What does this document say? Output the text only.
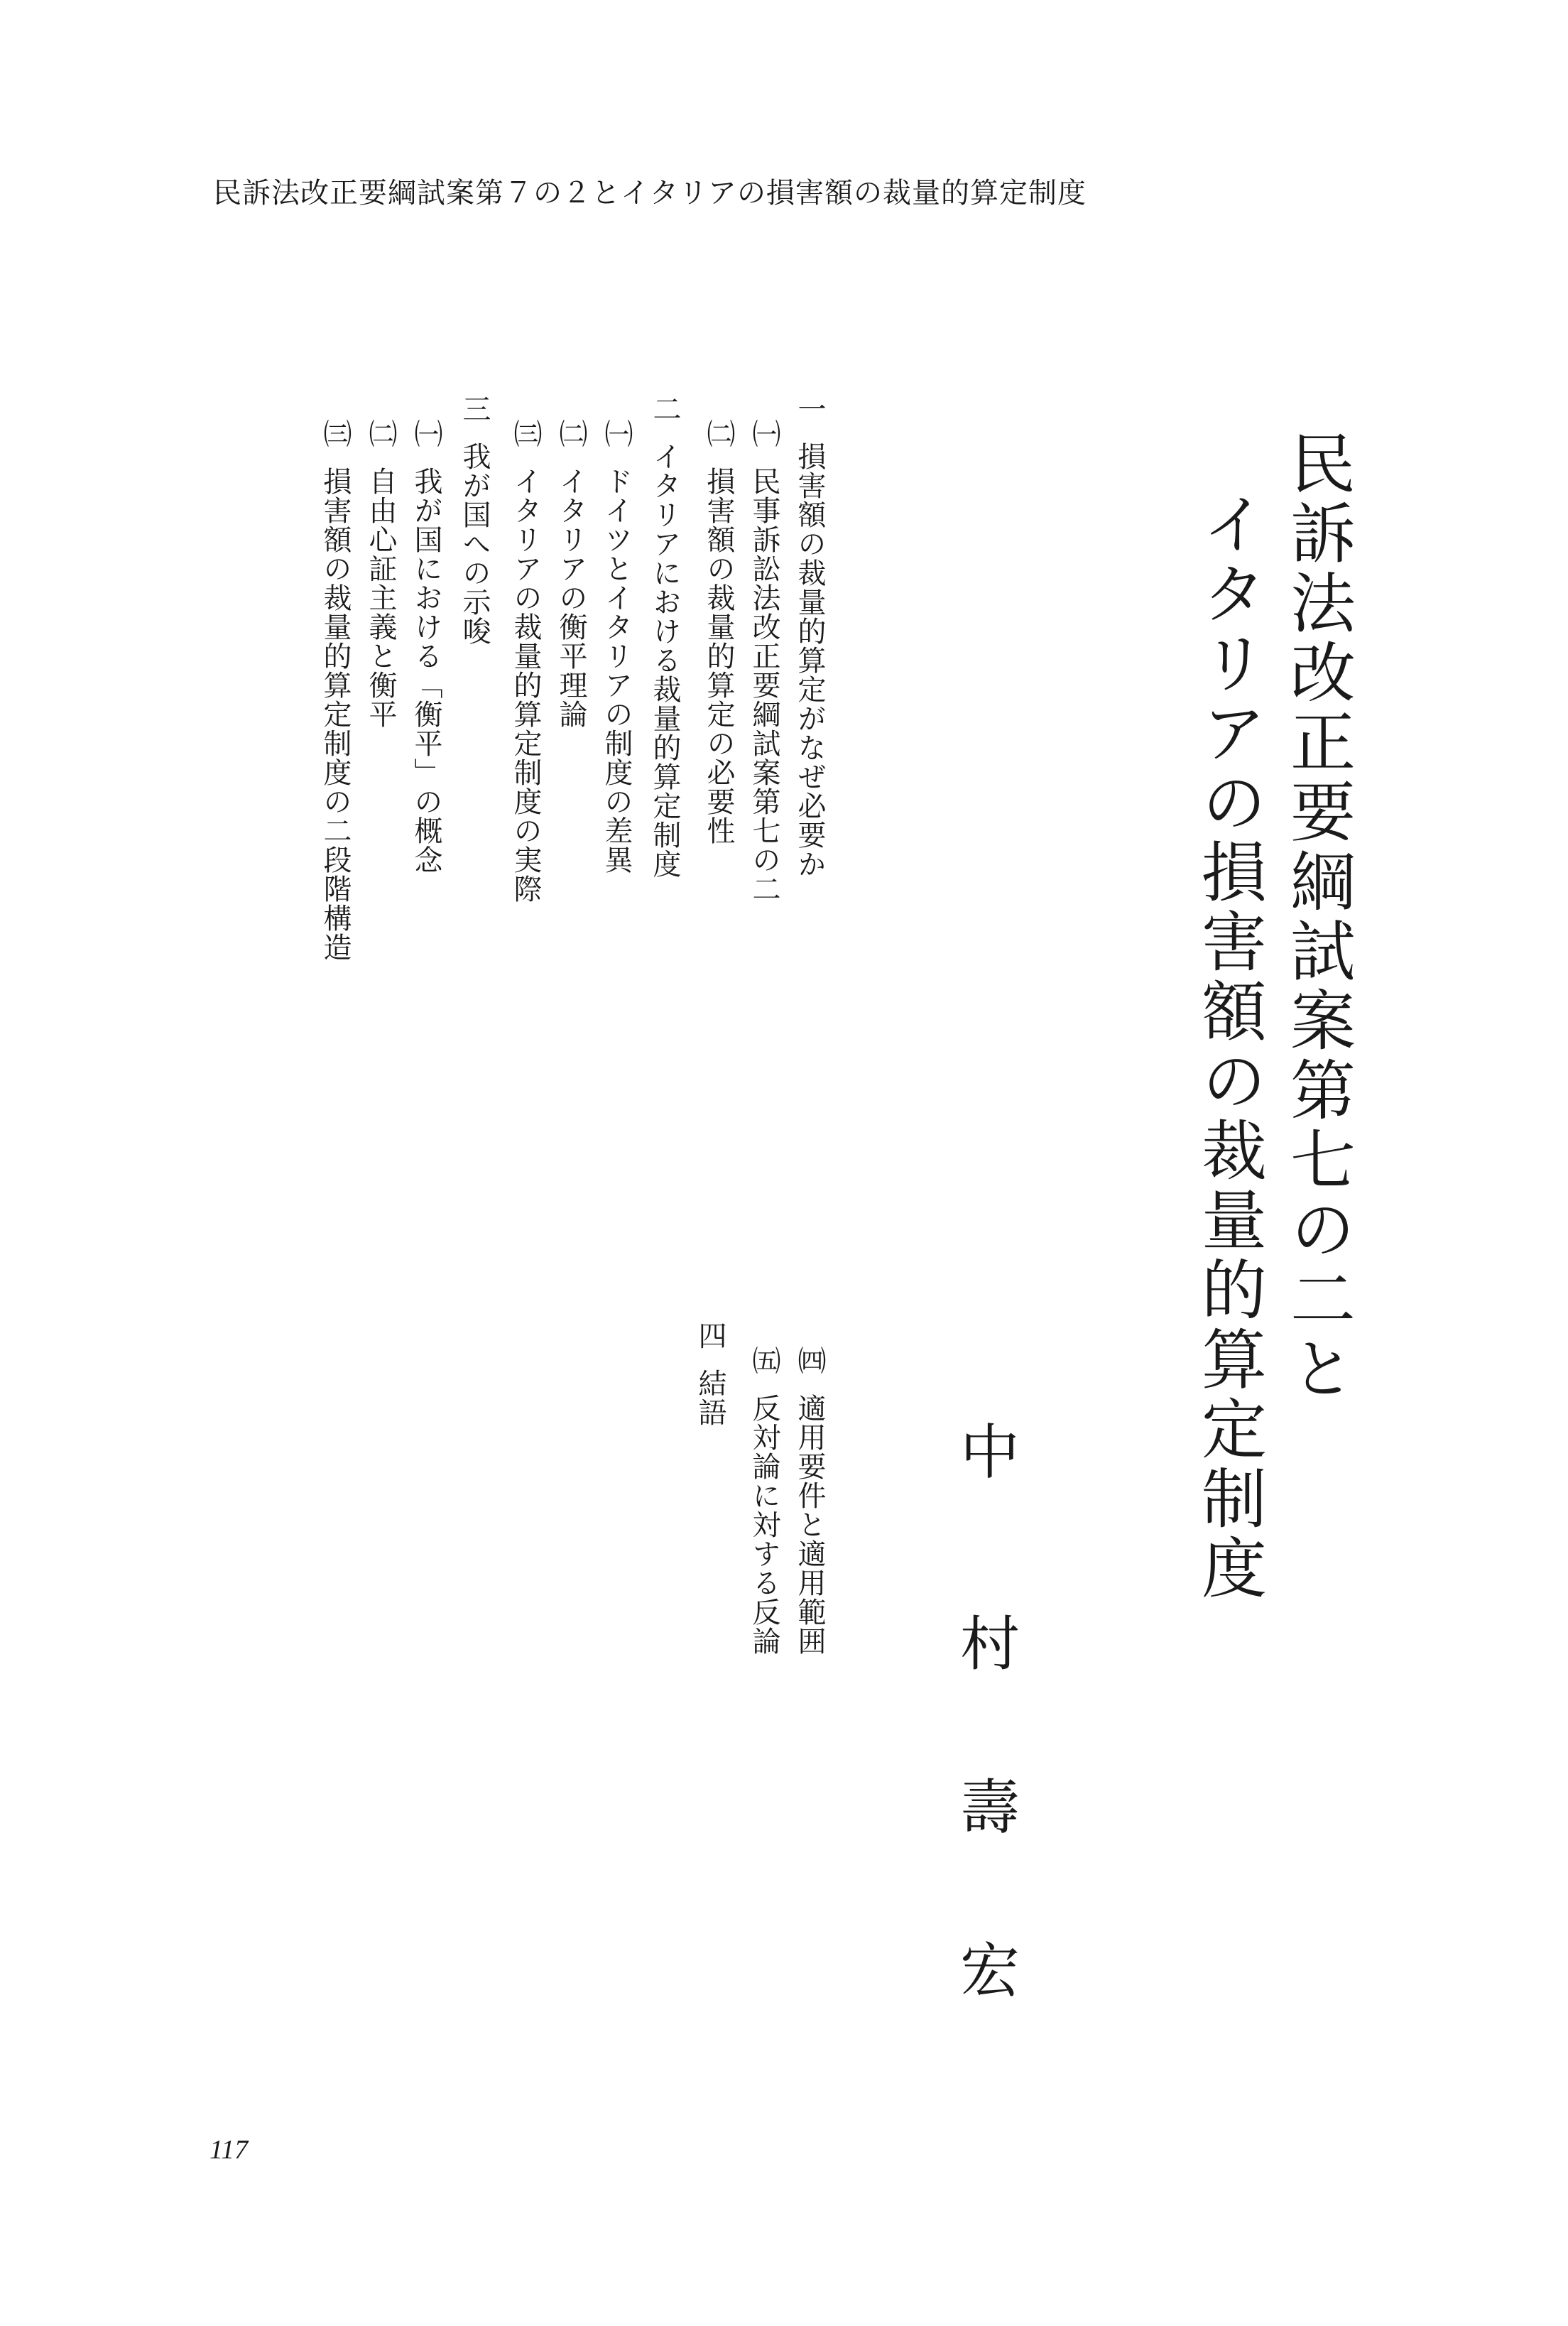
民訴法改正要綱試案第７の２とイタリアの損害額の裁量的算定制度
民訴法改正要綱試案第七の二と
イタリアの損害額の裁量的算定制度
中
村
壽
宏
一損害額の裁量的算定がなぜ必要か
㈠民事訴訟法改正要綱試案第七の二
㈡損害額の裁量的算定の必要性
二イタリアにおける裁量的算定制度
㈠ドイツとイタリアの制度の差異
㈡イタリアの衡平理論
㈢イタリアの裁量的算定制度の実際
三我が国への示唆
㈠我が国における「衡平」の概念
㈡自由心証主義と衡平
㈢損害額の裁量的算定制度の二段階構造
㈣適用要件と適用範囲
㈤反対論に対する反論
四結語
117
